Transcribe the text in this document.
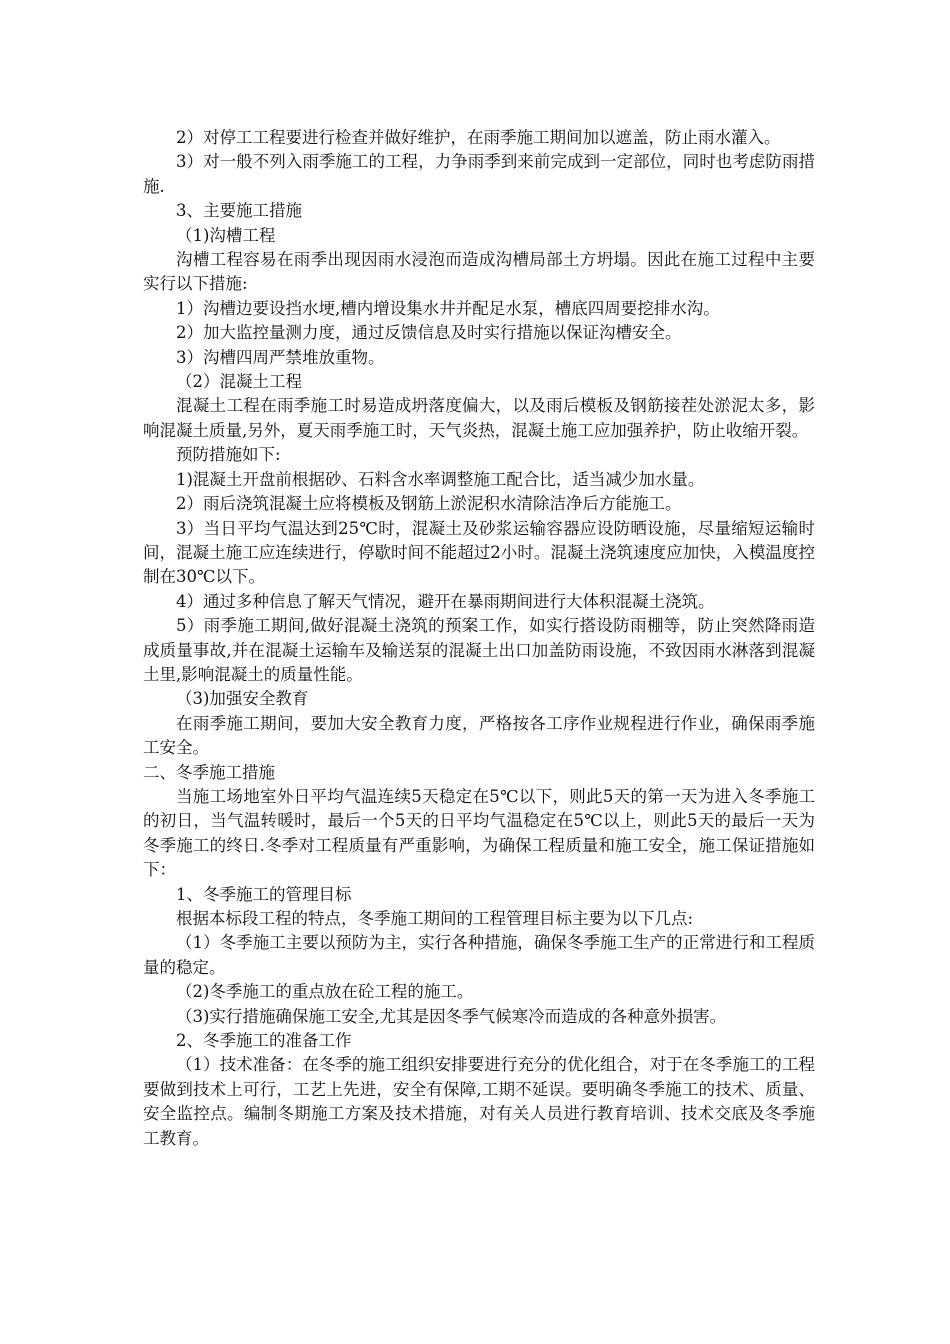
2）对停工工程要进行检查并做好维护，在雨季施工期间加以遮盖，防止雨水灌入。

3）对一般不列入雨季施工的工程，力争雨季到来前完成到一定部位，同时也考虑防雨措施.

3、主要施工措施

（1)沟槽工程

沟槽工程容易在雨季出现因雨水浸泡而造成沟槽局部土方坍塌。因此在施工过程中主要实行以下措施:

1）沟槽边要设挡水埂,槽内增设集水井并配足水泵，槽底四周要挖排水沟。

2）加大监控量测力度，通过反馈信息及时实行措施以保证沟槽安全。

3）沟槽四周严禁堆放重物。

（2）混凝土工程

混凝土工程在雨季施工时易造成坍落度偏大，以及雨后模板及钢筋接茬处淤泥太多，影响混凝土质量,另外，夏天雨季施工时，天气炎热，混凝土施工应加强养护，防止收缩开裂。

预防措施如下:

1)混凝土开盘前根据砂、石料含水率调整施工配合比，适当减少加水量。

2）雨后浇筑混凝土应将模板及钢筋上淤泥积水清除洁净后方能施工。

3）当日平均气温达到25℃时，混凝土及砂浆运输容器应设防晒设施，尽量缩短运输时间，混凝土施工应连续进行，停歇时间不能超过2小时。混凝土浇筑速度应加快，入模温度控制在30℃以下。

4）通过多种信息了解天气情况，避开在暴雨期间进行大体积混凝土浇筑。

5）雨季施工期间,做好混凝土浇筑的预案工作，如实行搭设防雨棚等，防止突然降雨造成质量事故,并在混凝土运输车及输送泵的混凝土出口加盖防雨设施，不致因雨水淋落到混凝土里,影响混凝土的质量性能。

（3)加强安全教育

在雨季施工期间，要加大安全教育力度，严格按各工序作业规程进行作业，确保雨季施工安全。

二、冬季施工措施

当施工场地室外日平均气温连续5天稳定在5℃以下，则此5天的第一天为进入冬季施工的初日，当气温转暖时，最后一个5天的日平均气温稳定在5℃以上，则此5天的最后一天为冬季施工的终日.冬季对工程质量有严重影响，为确保工程质量和施工安全，施工保证措施如下：

1、冬季施工的管理目标

根据本标段工程的特点，冬季施工期间的工程管理目标主要为以下几点:

（1）冬季施工主要以预防为主，实行各种措施，确保冬季施工生产的正常进行和工程质量的稳定。

（2)冬季施工的重点放在砼工程的施工。

（3)实行措施确保施工安全,尤其是因冬季气候寒冷而造成的各种意外损害。

2、冬季施工的准备工作

（1）技术准备：在冬季的施工组织安排要进行充分的优化组合，对于在冬季施工的工程要做到技术上可行，工艺上先进，安全有保障,工期不延误。要明确冬季施工的技术、质量、安全监控点。编制冬期施工方案及技术措施，对有关人员进行教育培训、技术交底及冬季施工教育。
